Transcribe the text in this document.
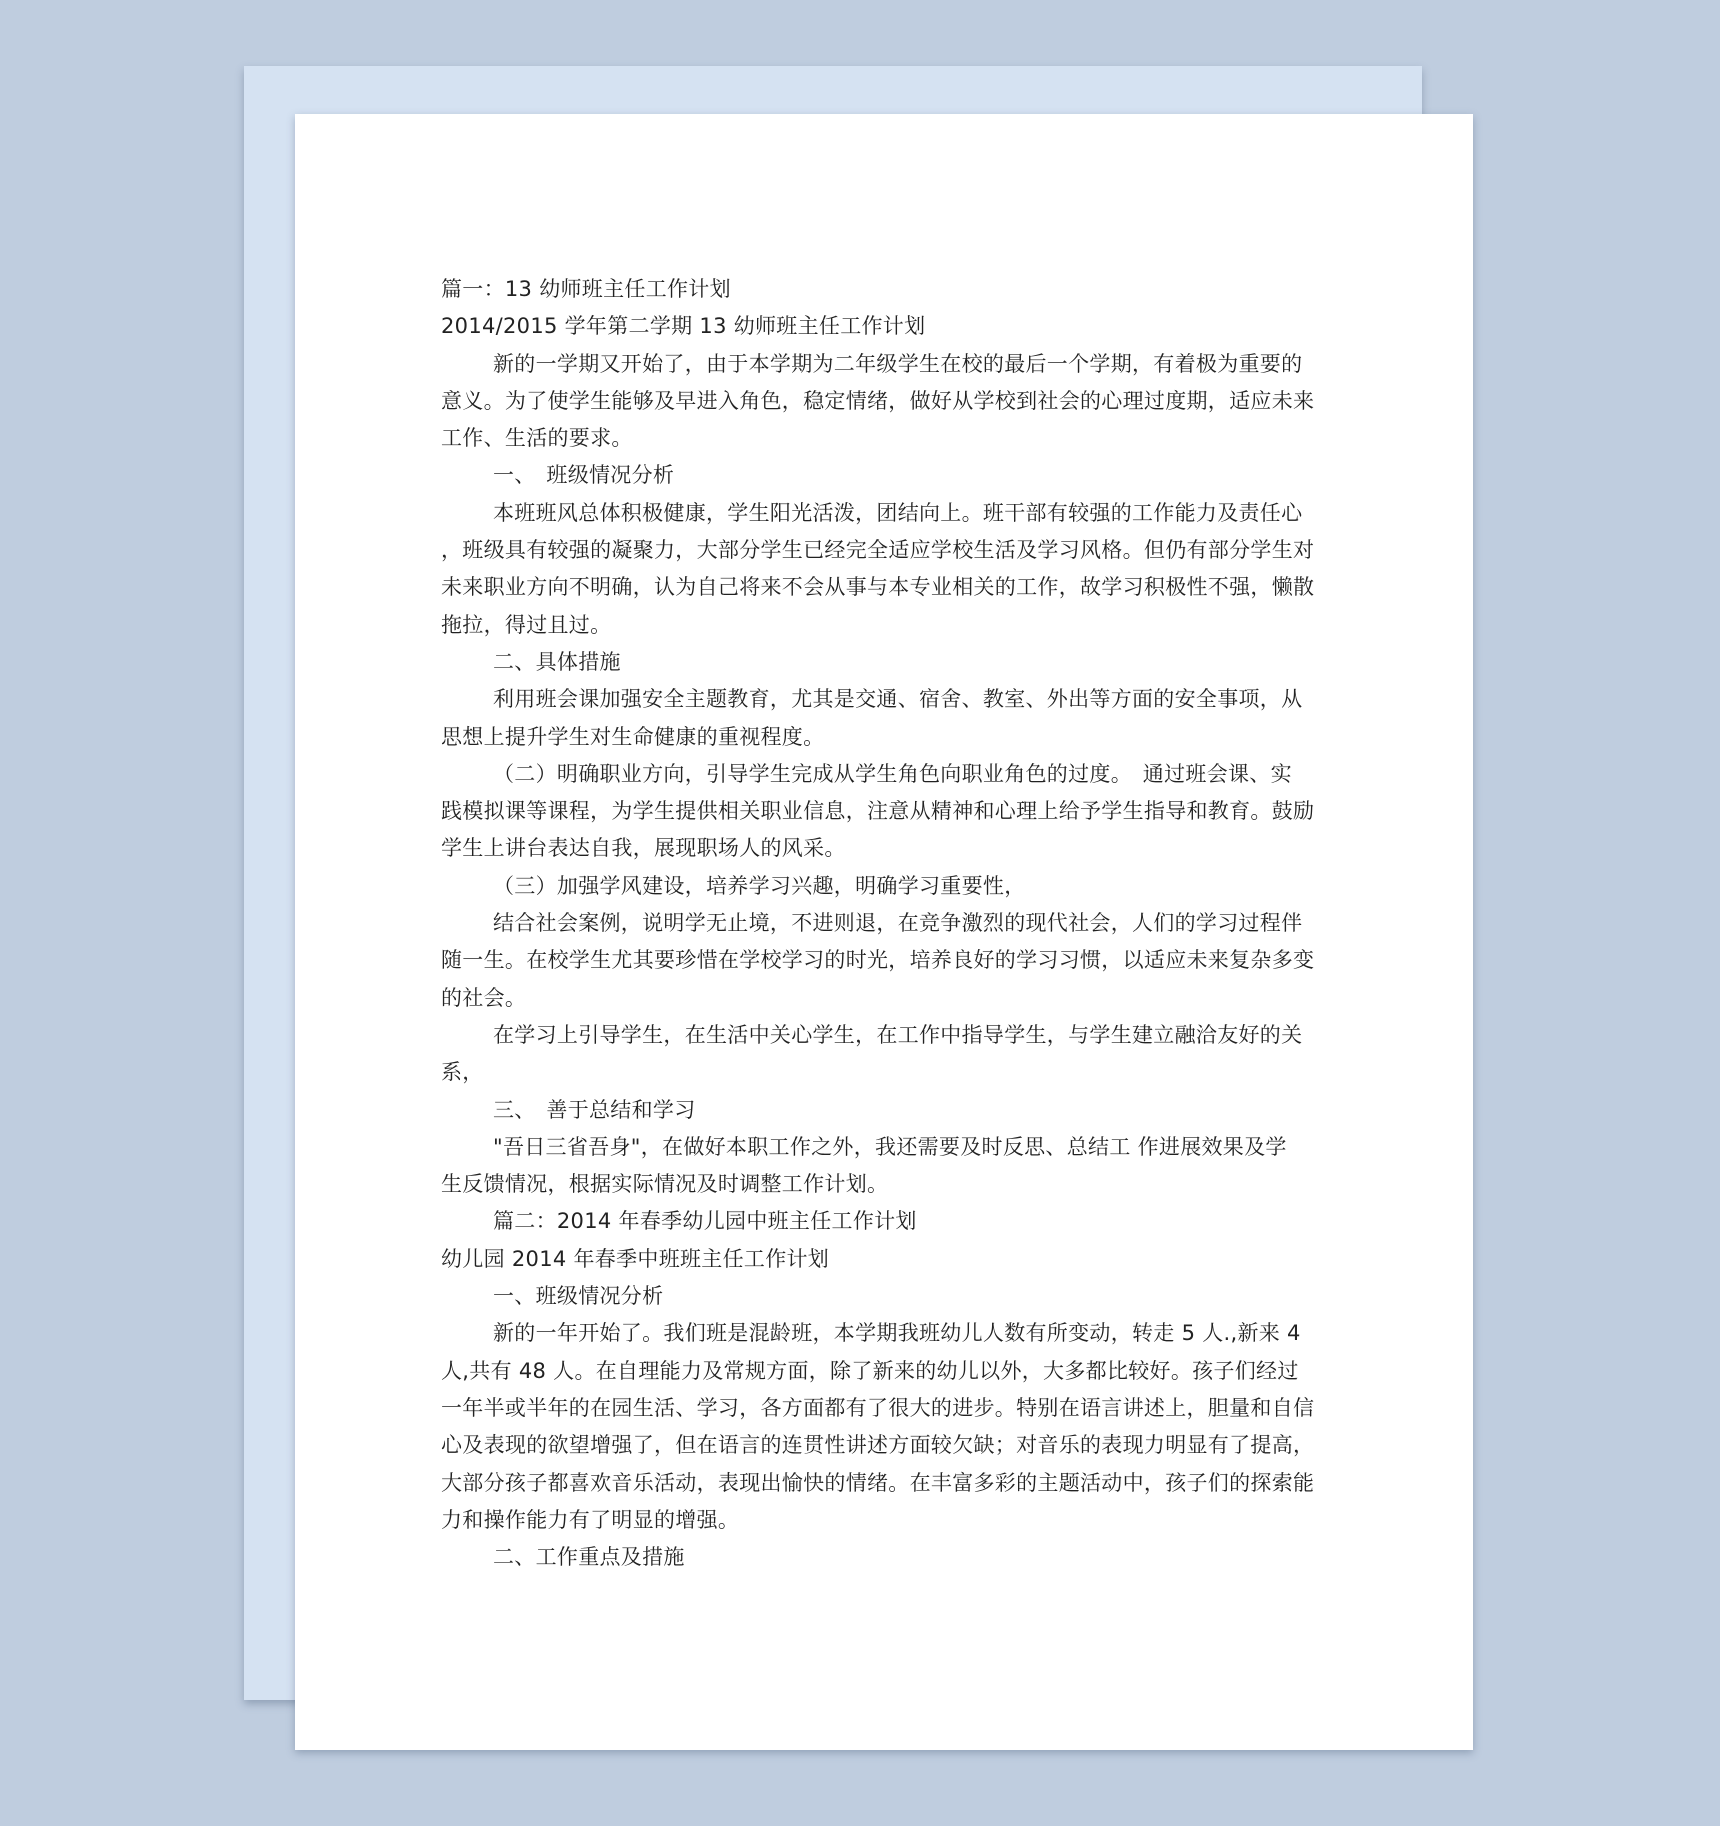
篇一：13 幼师班主任工作计划
2014/2015 学年第二学期 13 幼师班主任工作计划
新的一学期又开始了，由于本学期为二年级学生在校的最后一个学期，有着极为重要的
意义。为了使学生能够及早进入角色，稳定情绪，做好从学校到社会的心理过度期，适应未来
工作、生活的要求。
一、　班级情况分析
本班班风总体积极健康，学生阳光活泼，团结向上。班干部有较强的工作能力及责任心
，班级具有较强的凝聚力，大部分学生已经完全适应学校生活及学习风格。但仍有部分学生对
未来职业方向不明确，认为自己将来不会从事与本专业相关的工作，故学习积极性不强，懒散
拖拉，得过且过。
二、具体措施
利用班会课加强安全主题教育，尤其是交通、宿舍、教室、外出等方面的安全事项，从
思想上提升学生对生命健康的重视程度。
（二）明确职业方向，引导学生完成从学生角色向职业角色的过度。　通过班会课、实
践模拟课等课程，为学生提供相关职业信息，注意从精神和心理上给予学生指导和教育。鼓励
学生上讲台表达自我，展现职场人的风采。
（三）加强学风建设，培养学习兴趣，明确学习重要性，
结合社会案例，说明学无止境，不进则退，在竞争激烈的现代社会，人们的学习过程伴
随一生。在校学生尤其要珍惜在学校学习的时光，培养良好的学习习惯，以适应未来复杂多变
的社会。
在学习上引导学生，在生活中关心学生，在工作中指导学生，与学生建立融洽友好的关
系，
三、　善于总结和学习
"吾日三省吾身"，在做好本职工作之外，我还需要及时反思、总结工 作进展效果及学
生反馈情况，根据实际情况及时调整工作计划。
篇二：2014 年春季幼儿园中班主任工作计划
幼儿园 2014 年春季中班班主任工作计划
一、班级情况分析
新的一年开始了。我们班是混龄班，本学期我班幼儿人数有所变动，转走 5 人.,新来 4
人,共有 48 人。在自理能力及常规方面，除了新来的幼儿以外，大多都比较好。孩子们经过
一年半或半年的在园生活、学习，各方面都有了很大的进步。特别在语言讲述上，胆量和自信
心及表现的欲望增强了，但在语言的连贯性讲述方面较欠缺；对音乐的表现力明显有了提高，
大部分孩子都喜欢音乐活动，表现出愉快的情绪。在丰富多彩的主题活动中，孩子们的探索能
力和操作能力有了明显的增强。
二、工作重点及措施
